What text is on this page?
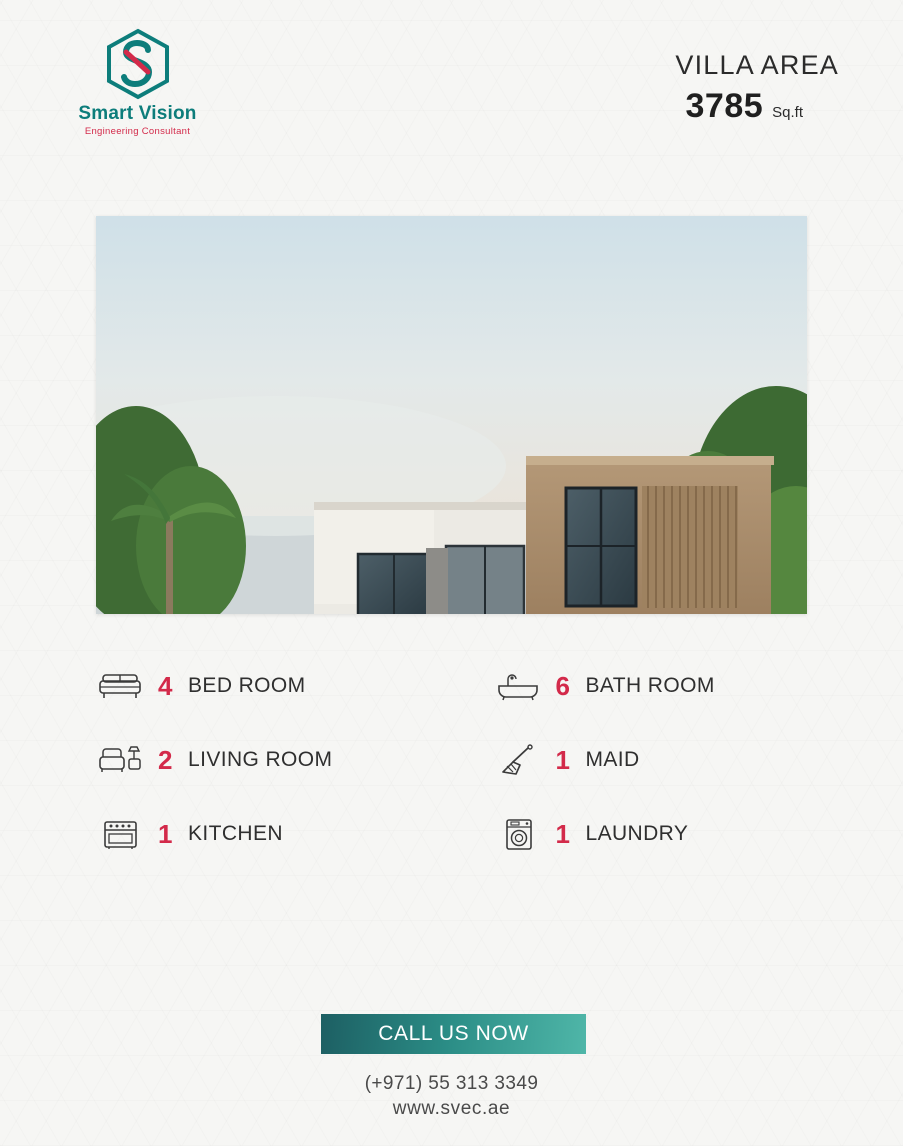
Smart Vision
Engineering Consultant
VILLA AREA
3785 Sq.ft
4 BED ROOM	6 BATH ROOM
2 LIVING ROOM	1 MAID
1 KITCHEN	1 LAUNDRY
CALL US NOW
(+971) 55 313 3349
www.svec.ae
